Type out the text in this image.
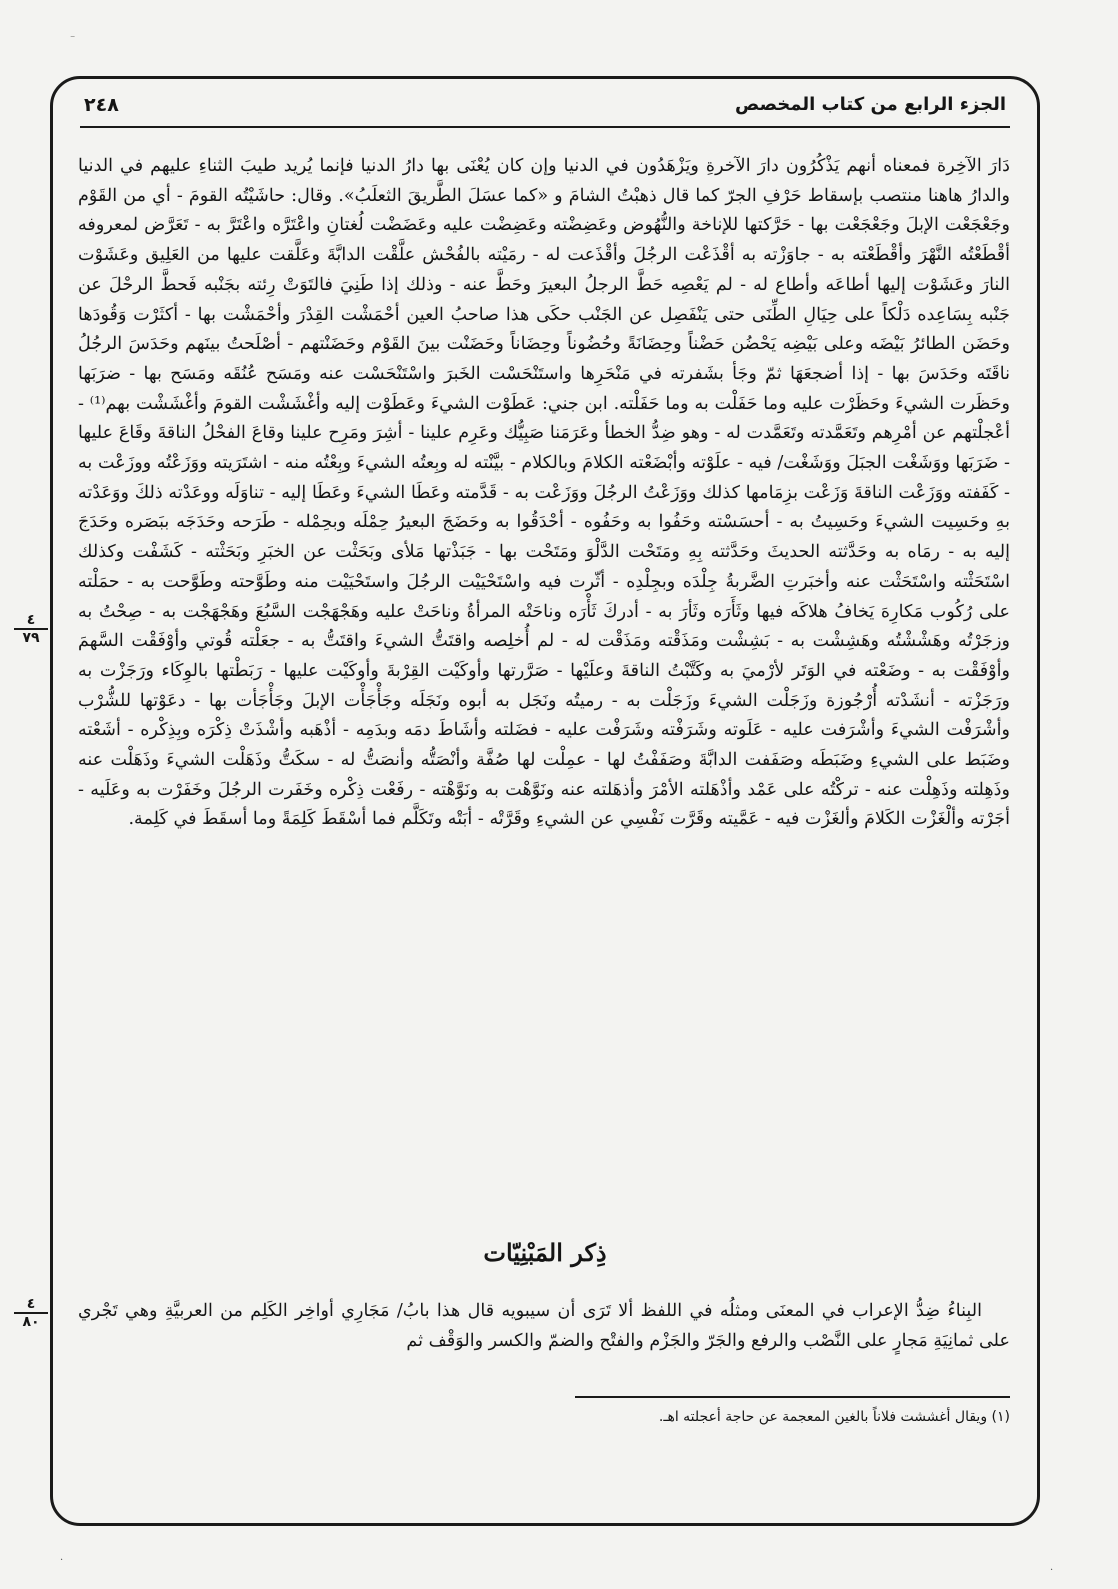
الجزء الرابع من كتاب المخصص
٢٤٨

دَارَ الآخِرة فمعناه أنهم يَذْكُرُون دارَ الآخرةِ ويَزْهَدُون في الدنيا وإن كان يُعْنَى بها دارُ الدنيا فإنما يُريد طيبَ الثناءِ عليهم في الدنيا والدارُ هاهنا منتصب بإسقاط حَرْفِ الجرّ كما قال ذهبْتُ الشامَ و «كما عسَلَ الطَّريقَ الثعلَبُ». وقال: حاشَيْتُه القومَ - أي من القَوْم وجَعْجَعْت الإبلَ وجَعْجَعْت بها - حَرَّكتها للإناخة والنُّهُوض وعَضِضْته وعَضِضْت عليه وعَضَضْت لُغتانِ واعْتَرَّه واعْتَرَّ به - تَعَرَّض لمعروفه أقْطَعْتُه النَّهْرَ وأقْطَعْته به - جاوَزْته به أقْذَعْت الرجُلَ وأقْذَعت له - رمَيْته بالفُحْش علَّقْت الدابَّةَ وعَلَّقت عليها من العَلِيق وعَشَوْت النارَ وعَشَوْت إليها أطاعَه وأطاع له - لم يَعْصِه حَطَّ الرجلُ البعيرَ وحَطَّ عنه - وذلك إذا طَنِيَ فالتَوَتْ رِئته بجَنْبه فَحطَّ الرحْلَ عن جَنْبه بِسَاعِده دَلْكاً على حِيَالِ الطِّنَى حتى يَنْفَصِل عن الجَنْب حكَى هذا صاحبُ العين أحْمَشْت القِدْرَ وأحْمَشْت بها - أكثَرْت وَقُودَها وحَضَن الطائرُ بَيْضَه وعلى بَيْضِه يَحْضُن حَضْناً وحِضَانَةً وحُضُوناً وحِضَاناً وحَضَنْت بينَ القَوْم وحَضَنْتهم - أصْلَحتُ بينَهم وحَدَسَ الرجُلُ ناقَتَه وحَدَسَ بها - إذا أضجعَهَا ثمّ وجَأ بشَفرته في مَنْحَرِها واستَنْحَسْت الخَبرَ واسْتَنْحَسْت عنه ومَسَح عُنُقَه ومَسَح بها - ضرَبَها وحَظَرت الشيءَ وحَظَرْت عليه وما حَفَلْت به وما حَفَلْته. ابن جني: عَطَوْت الشيءَ وعَطَوْت إليه وأغْشَشْت القومَ وأغْشَشْت بهم⁽¹⁾ - أعْجلْتهم عن أمْرِهم وتَعَمَّدته وتَعَمَّدت له - وهو ضِدُّ الخطأ وعَرَمَنا صَبِيُّك وعَرِم علينا - أشِرَ ومَرِح علينا وقاعَ الفحْلُ الناقةَ وقَاعَ عليها - ضَرَبَها ووَشَغْت الجبَلَ ووَشَغْت/ فيه - علَوْته وأبْضَعْته الكلامَ وبالكلام - بيَّنْته له وبِعتُه الشيءَ وبِعْتُه منه - اشتَرَيته ووَزَعْتُه ووزَعْت به - كَفَفته ووَزَعْت الناقةَ وَزَعْت بزِمَامها كذلك ووَزَعْتُ الرجُلَ ووَزَعْت به - قَدَّمته وعَطَا الشيءَ وعَطَا إليه - تناوَلَه ووعَدْته ذلكَ ووَعَدْته بهِ وحَسِيت الشيءَ وحَسِيتُ به - أحسَسْته وحَفُوا به وحَفُوه - أحْدَقُوا به وحَضَجَ البعيرُ حِمْلَه وبحِمْله - طَرَحه وحَدَجَه ببَصَره وحَدَجَ إليه به - رمَاه به وحَدَّثته الحديثَ وحَدَّثته بِهِ ومَتَحْت الدَّلْوَ ومَتَحْت بها - جَبَذْتها مَلأى وبَحَثْت عن الخبَرِ وبَحَثْته - كَشَفْت وكذلك اسْتَحَثْته واسْتَحَثْت عنه وأخبَرتِ الضَّربةُ جِلْدَه وبجِلْدِه - أثّرت فيه واسْتَحْيَيْت الرجُلَ واستَحْيَيْت منه وطَوَّحته وطَوَّحت به - حمَلْته على رُكُوب مَكارِهَ يَخافُ هلاكَه فيها وثَأَرَه وثَأرَ به - أدركَ ثَأْرَه وناحَتْه المرأةُ وناحَتْ عليه وهَجْهَجْت السَّبُعَ وهَجْهَجْت به - صِحْتُ به وزجَرْتُه وهَشْشْتُه وهَشِشْت به - بَشِشْت ومَذَقْته ومَذَقْت له - لم أُخلِصه واقتَتُّ الشيءَ واقتَتُّ به - جعَلْته قُوتي وأوْفَقْت السَّهمَ وأوْفَقْت به - وضَعْته في الوَتَر لأرْميَ به وكَتَّبْتُ الناقةَ وعلَيْها - صَرَّرتها وأوكَيْت القِرْبةَ وأوكَيْت عليها - رَبَطْتها بالوِكَاء ورَجَزْت به ورَجَزْته - أنشَدْته أُرْجُوزة وزَجَلْت الشيءَ وزَجَلْت به - رميتُه ونَجَل به أبوه ونَجَلَه وجَأْجَأْت الإبلَ وجَأْجَأت بها - دعَوْتها للشُّرْب وأشْرَفْت الشيءَ وأشْرَفت عليه - عَلَوته وشَرَفْته وشَرَفْت عليه - فضَلته وأشَاطَ دمَه وبدَمِه - أذْهَبه وأشْذَتْ ذِكْرَه وبِذِكْره - أشَعْته وضَبَط على الشيءِ وضَبَطَه وصَفَفت الدابَّةَ وصَفَفْتُ لها - عمِلْت لها صُفَّة وأنْصَتُّه وأنصَتُّ له - سكَتُّ وذَهَلْت الشيءَ وذَهَلْت عنه وذَهِلته وذَهِلْت عنه - تركْتُه على عَمْد وأذْهَلته الأمْرَ وأذهَلته عنه ونَوَّهْت به ونَوَّهْته - رفَعْت ذِكْره وخَفَرت الرجُلَ وخَفَرْت به وعَلَيه - أجَرْته وألْغَزْت الكَلامَ وألغَزْت فيه - عَمَّيته وقَرَّت نَفْسِي عن الشيءِ وقَرَّتْه - أبَتْه وتَكَلَّم فما أسْقَطَ كَلِمَةً وما أسقَطَ في كَلِمة.

٤
٧٩
ذِكر المَبْنِيّات
٤
٨٠

البِناءُ ضِدُّ الإعراب في المعنَى ومثلُه في اللفظ ألا تَرَى أن سيبويه قال هذا بابُ/ مَجَارِي أواخِر الكَلِم من العربيَّةِ وهي تَجْري على ثمانِيَةِ مَجارٍ على النَّصْب والرفع والجَرّ والجَزْم والفتْح والضمّ والكسر والوَقْف ثم

(١) ويقال أغششت فلاناً بالغين المعجمة عن حاجة أعجلته اهـ.

⁻
·
·
